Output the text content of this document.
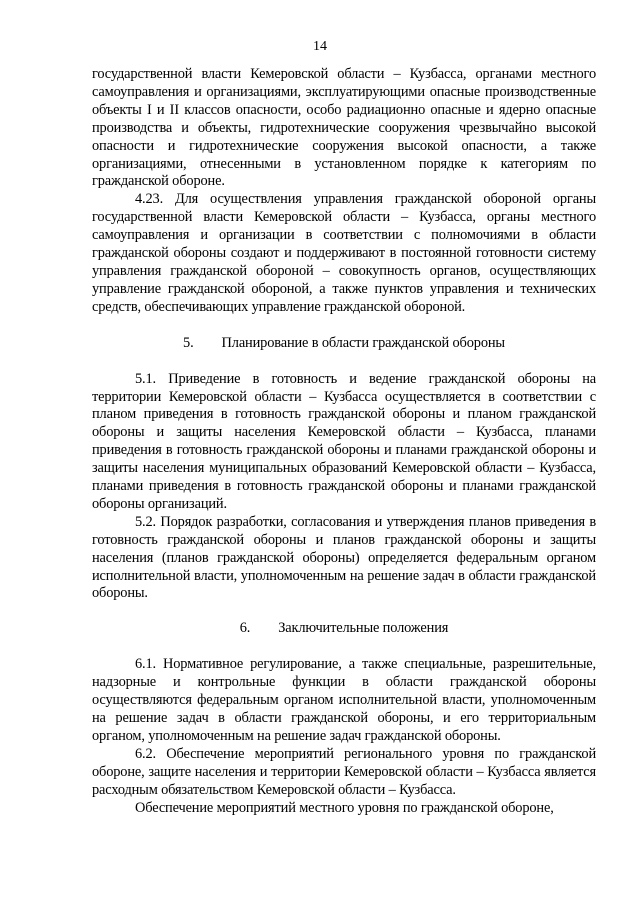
14

государственной власти Кемеровской области – Кузбасса, органами местного самоуправления и организациями, эксплуатирующими опасные производственные объекты I и II классов опасности, особо радиационно опасные и ядерно опасные производства и объекты, гидротехнические сооружения чрезвычайно высокой опасности и гидротехнические сооружения высокой опасности, а также организациями, отнесенными в установленном порядке к категориям по гражданской обороне.

4.23. Для осуществления управления гражданской обороной органы государственной власти Кемеровской области – Кузбасса, органы местного самоуправления и организации в соответствии с полномочиями в области гражданской обороны создают и поддерживают в постоянной готовности систему управления гражданской обороной – совокупность органов, осуществляющих управление гражданской обороной, а также пунктов управления и технических средств, обеспечивающих управление гражданской обороной.

5. Планирование в области гражданской обороны

5.1. Приведение в готовность и ведение гражданской обороны на территории Кемеровской области – Кузбасса осуществляется в соответствии с планом приведения в готовность гражданской обороны и планом гражданской обороны и защиты населения Кемеровской области – Кузбасса, планами приведения в готовность гражданской обороны и планами гражданской обороны и защиты населения муниципальных образований Кемеровской области – Кузбасса, планами приведения в готовность гражданской обороны и планами гражданской обороны организаций.

5.2. Порядок разработки, согласования и утверждения планов приведения в готовность гражданской обороны и планов гражданской обороны и защиты населения (планов гражданской обороны) определяется федеральным органом исполнительной власти, уполномоченным на решение задач в области гражданской обороны.

6. Заключительные положения

6.1. Нормативное регулирование, а также специальные, разрешительные, надзорные и контрольные функции в области гражданской обороны осуществляются федеральным органом исполнительной власти, уполномоченным на решение задач в области гражданской обороны, и его территориальным органом, уполномоченным на решение задач гражданской обороны.

6.2. Обеспечение мероприятий регионального уровня по гражданской обороне, защите населения и территории Кемеровской области – Кузбасса является расходным обязательством Кемеровской области – Кузбасса.

Обеспечение мероприятий местного уровня по гражданской обороне,
